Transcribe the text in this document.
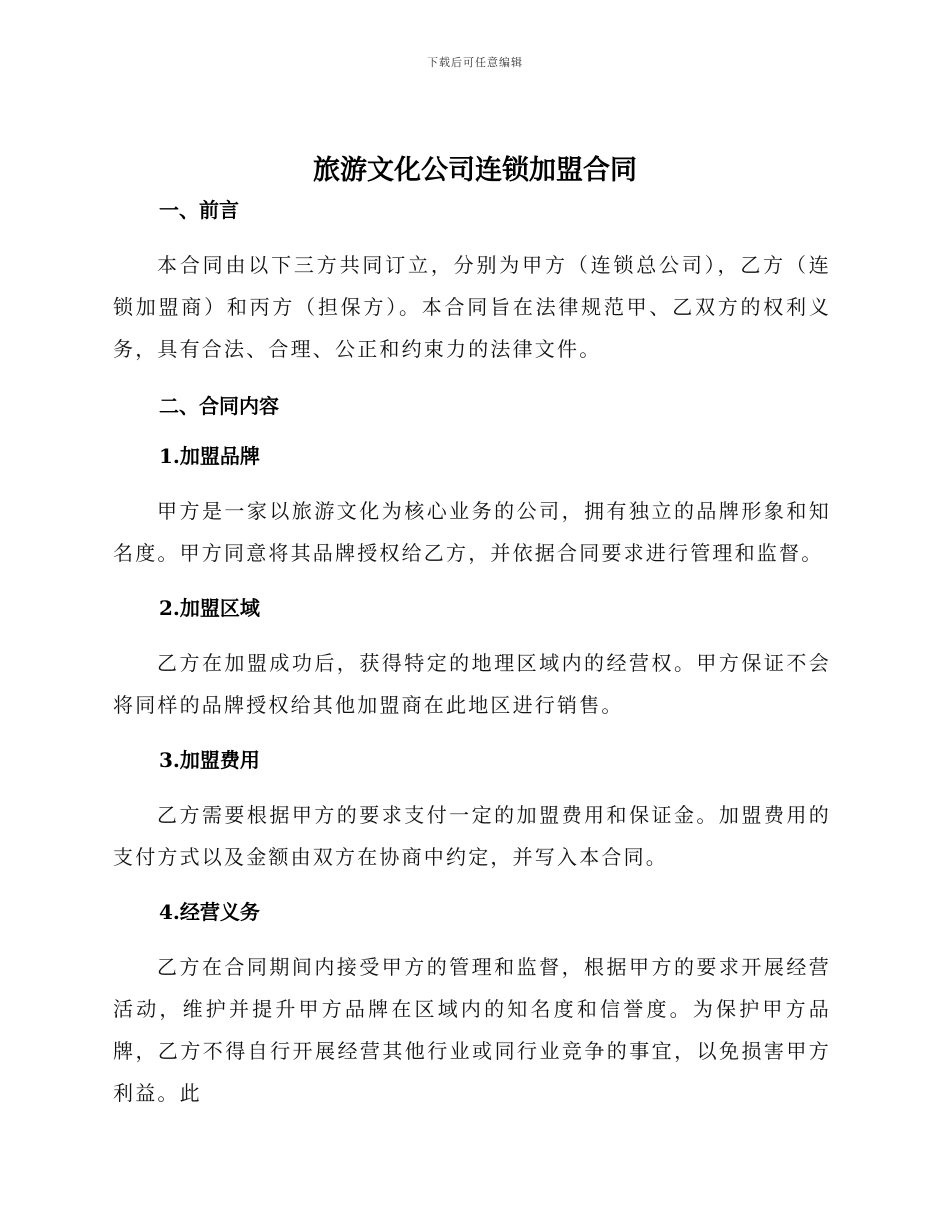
下载后可任意编辑
旅游文化公司连锁加盟合同
一、前言

本合同由以下三方共同订立，分别为甲方（连锁总公司），乙方（连锁加盟商）和丙方（担保方）。本合同旨在法律规范甲、乙双方的权利义务，具有合法、合理、公正和约束力的法律文件。

二、合同内容
1.加盟品牌

甲方是一家以旅游文化为核心业务的公司，拥有独立的品牌形象和知名度。甲方同意将其品牌授权给乙方，并依据合同要求进行管理和监督。

2.加盟区域

乙方在加盟成功后，获得特定的地理区域内的经营权。甲方保证不会将同样的品牌授权给其他加盟商在此地区进行销售。

3.加盟费用

乙方需要根据甲方的要求支付一定的加盟费用和保证金。加盟费用的支付方式以及金额由双方在协商中约定，并写入本合同。

4.经营义务

乙方在合同期间内接受甲方的管理和监督，根据甲方的要求开展经营活动，维护并提升甲方品牌在区域内的知名度和信誉度。为保护甲方品牌，乙方不得自行开展经营其他行业或同行业竞争的事宜，以免损害甲方利益。此
